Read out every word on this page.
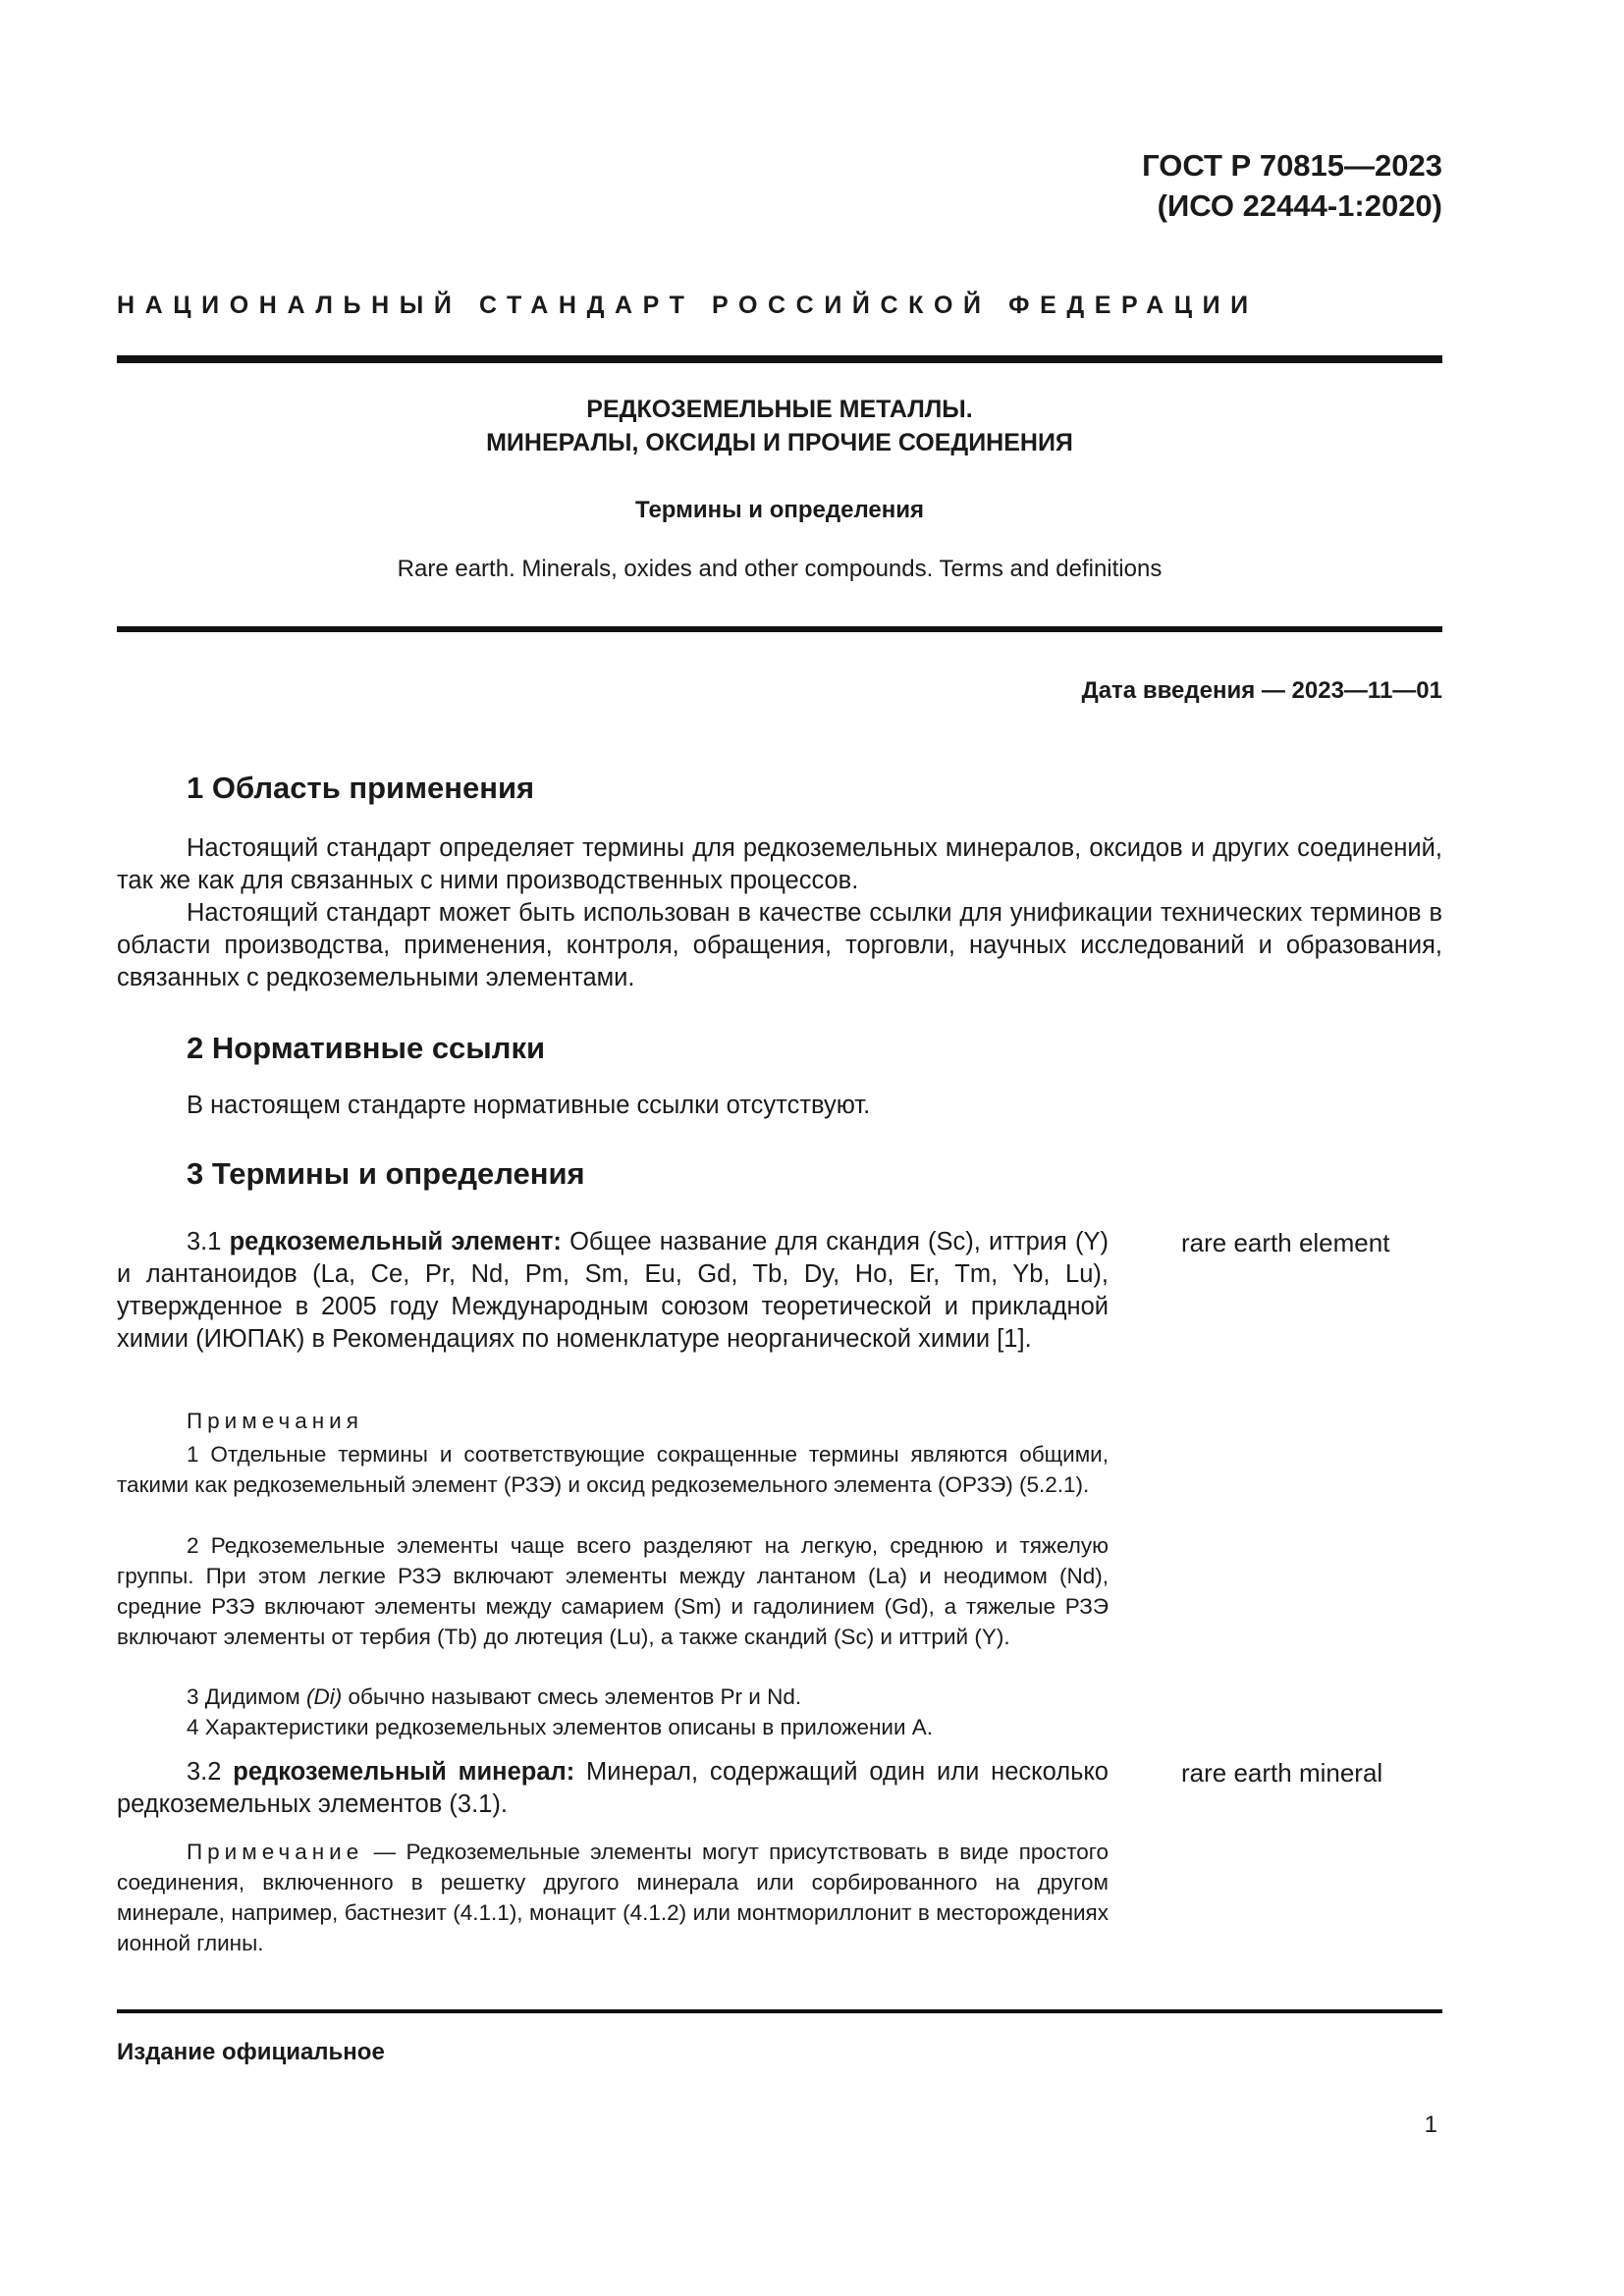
ГОСТ Р 70815—2023
(ИСО 22444-1:2020)
НАЦИОНАЛЬНЫЙ СТАНДАРТ РОССИЙСКОЙ ФЕДЕРАЦИИ
РЕДКОЗЕМЕЛЬНЫЕ МЕТАЛЛЫ.
МИНЕРАЛЫ, ОКСИДЫ И ПРОЧИЕ СОЕДИНЕНИЯ
Термины и определения
Rare earth. Minerals, oxides and other compounds. Terms and definitions
Дата введения — 2023—11—01
1 Область применения
Настоящий стандарт определяет термины для редкоземельных минералов, оксидов и других соединений, так же как для связанных с ними производственных процессов.
Настоящий стандарт может быть использован в качестве ссылки для унификации технических терминов в области производства, применения, контроля, обращения, торговли, научных исследований и образования, связанных с редкоземельными элементами.
2 Нормативные ссылки
В настоящем стандарте нормативные ссылки отсутствуют.
3 Термины и определения
3.1 редкоземельный элемент: Общее название для скандия (Sc), иттрия (Y) и лантаноидов (La, Ce, Pr, Nd, Pm, Sm, Eu, Gd, Tb, Dy, Ho, Er, Tm, Yb, Lu), утвержденное в 2005 году Международным союзом теоретической и прикладной химии (ИЮПАК) в Рекомендациях по номенклатуре неорганической химии [1].
rare earth element
Примечания
1 Отдельные термины и соответствующие сокращенные термины являются общими, такими как редкоземельный элемент (РЗЭ) и оксид редкоземельного элемента (ОРЗЭ) (5.2.1).
2 Редкоземельные элементы чаще всего разделяют на легкую, среднюю и тяжелую группы. При этом легкие РЗЭ включают элементы между лантаном (La) и неодимом (Nd), средние РЗЭ включают элементы между самарием (Sm) и гадолинием (Gd), а тяжелые РЗЭ включают элементы от тербия (Tb) до лютеция (Lu), а также скандий (Sc) и иттрий (Y).
3 Дидимом (Di) обычно называют смесь элементов Pr и Nd.
4 Характеристики редкоземельных элементов описаны в приложении А.
3.2 редкоземельный минерал: Минерал, содержащий один или несколько редкоземельных элементов (3.1).
rare earth mineral
Примечание — Редкоземельные элементы могут присутствовать в виде простого соединения, включенного в решетку другого минерала или сорбированного на другом минерале, например, бастнезит (4.1.1), монацит (4.1.2) или монтмориллонит в месторождениях ионной глины.
Издание официальное
1
